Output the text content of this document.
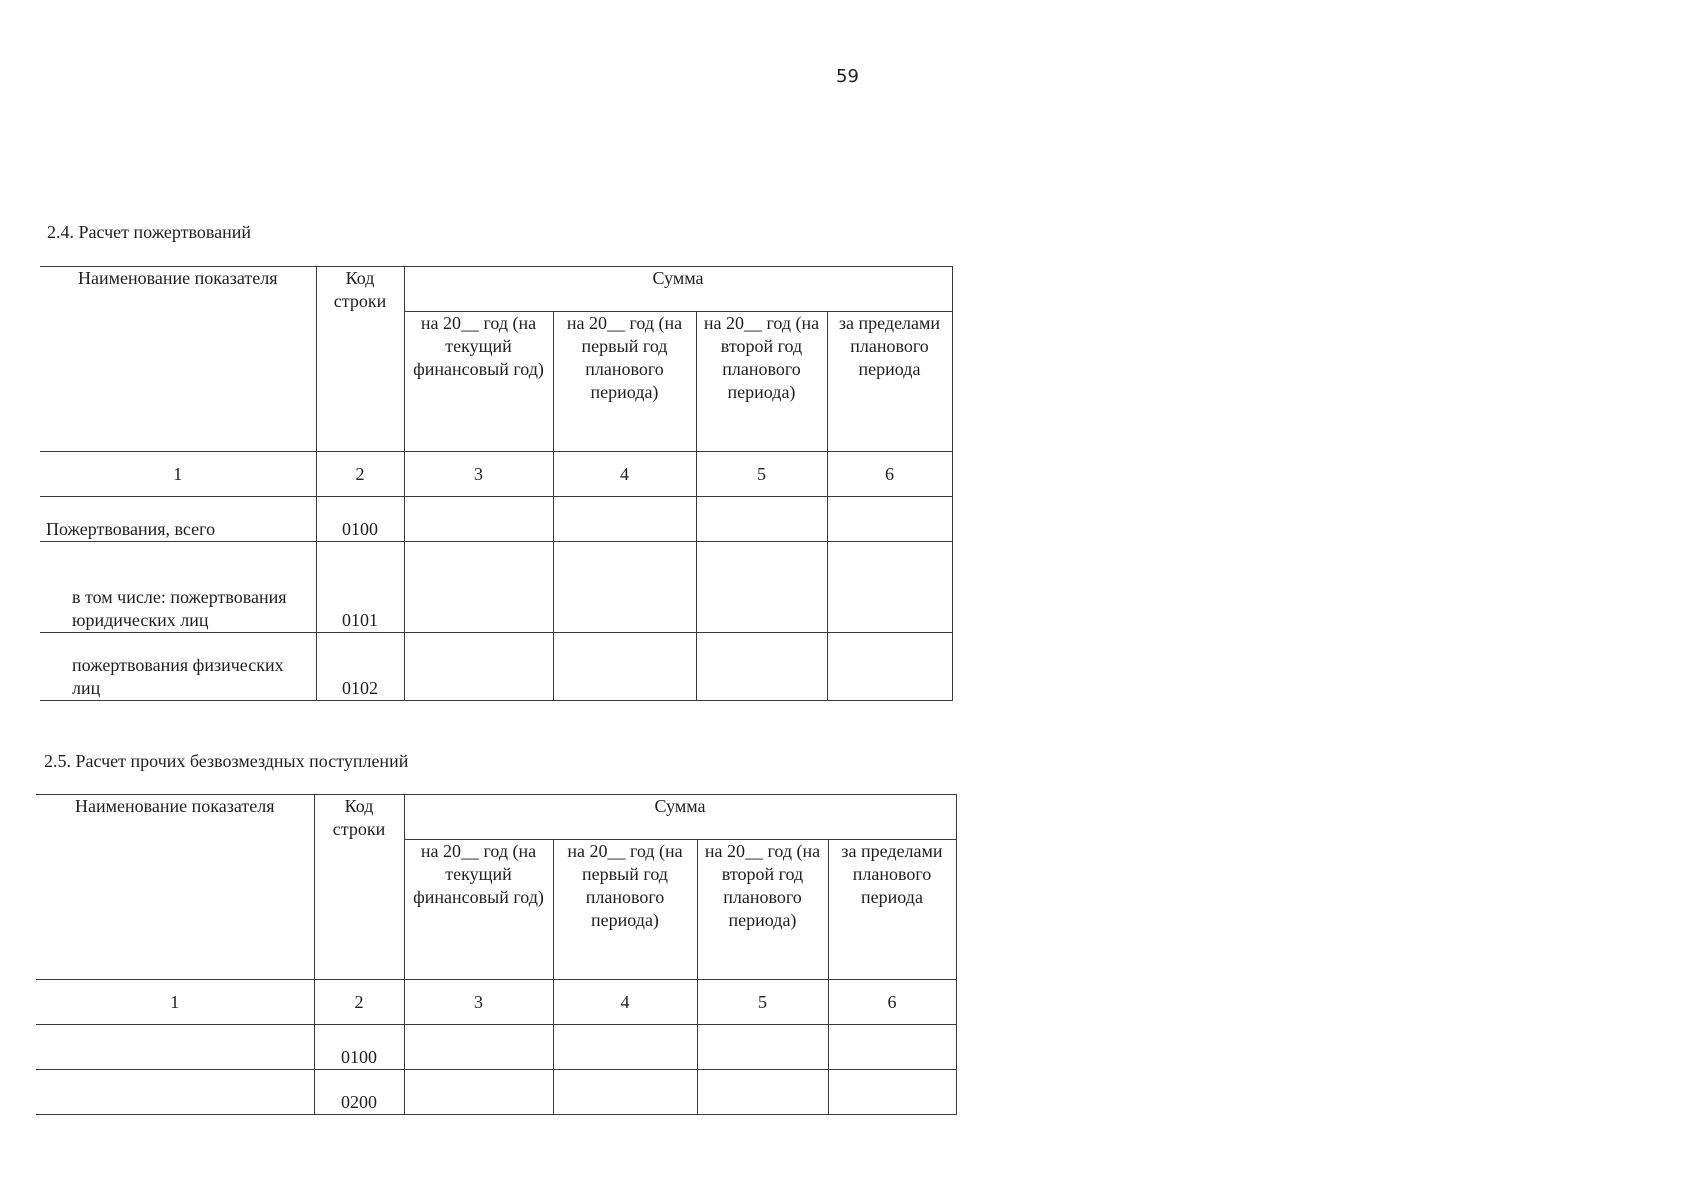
59
2.4. Расчет пожертвований
Наименование показателя	Код строки	Сумма			
		на 20__ год (на текущий финансовый год)	на 20__ год (на первый год планового периода)	на 20__ год (на второй год планового периода)	за пределами планового периода
1	2	3	4	5	6
Пожертвования, всего	0100				
в том числе: пожертвования юридических лиц	0101				
пожертвования физических лиц	0102				
2.5. Расчет прочих безвозмездных поступлений
Наименование показателя	Код строки	Сумма			
		на 20__ год (на текущий финансовый год)	на 20__ год (на первый год планового периода)	на 20__ год (на второй год планового периода)	за пределами планового периода
1	2	3	4	5	6
	0100				
	0200				
